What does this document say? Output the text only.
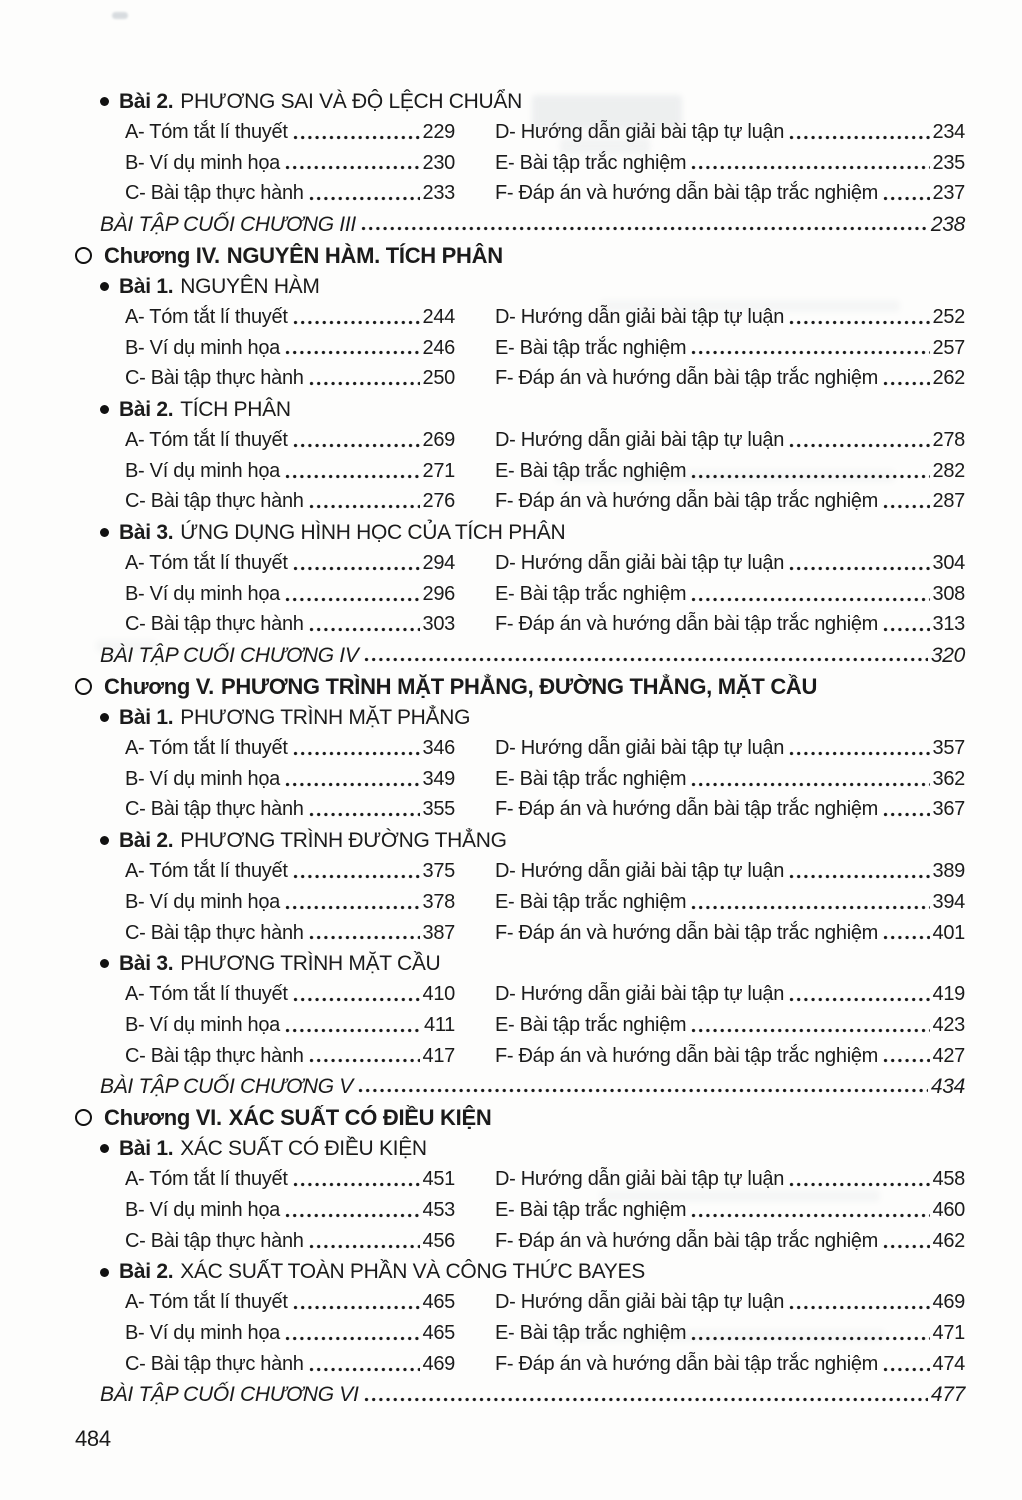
Bài 2. PHƯƠNG SAI VÀ ĐỘ LỆCH CHUẨN
A- Tóm tắt lí thuyết	229
B- Ví dụ minh họa	230
C- Bài tập thực hành	233
D- Hướng dẫn giải bài tập tự luận	234
E- Bài tập trắc nghiệm	235
F- Đáp án và hướng dẫn bài tập trắc nghiệm	237
BÀI TẬP CUỐI CHƯƠNG III	238
Chương IV. NGUYÊN HÀM. TÍCH PHÂN
Bài 1. NGUYÊN HÀM
A- Tóm tắt lí thuyết	244
B- Ví dụ minh họa	246
C- Bài tập thực hành	250
D- Hướng dẫn giải bài tập tự luận	252
E- Bài tập trắc nghiệm	257
F- Đáp án và hướng dẫn bài tập trắc nghiệm	262
Bài 2. TÍCH PHÂN
A- Tóm tắt lí thuyết	269
B- Ví dụ minh họa	271
C- Bài tập thực hành	276
D- Hướng dẫn giải bài tập tự luận	278
E- Bài tập trắc nghiệm	282
F- Đáp án và hướng dẫn bài tập trắc nghiệm	287
Bài 3. ỨNG DỤNG HÌNH HỌC CỦA TÍCH PHÂN
A- Tóm tắt lí thuyết	294
B- Ví dụ minh họa	296
C- Bài tập thực hành	303
D- Hướng dẫn giải bài tập tự luận	304
E- Bài tập trắc nghiệm	308
F- Đáp án và hướng dẫn bài tập trắc nghiệm	313
BÀI TẬP CUỐI CHƯƠNG IV	320
Chương V. PHƯƠNG TRÌNH MẶT PHẲNG, ĐƯỜNG THẲNG, MẶT CẦU
Bài 1. PHƯƠNG TRÌNH MẶT PHẲNG
A- Tóm tắt lí thuyết	346
B- Ví dụ minh họa	349
C- Bài tập thực hành	355
D- Hướng dẫn giải bài tập tự luận	357
E- Bài tập trắc nghiệm	362
F- Đáp án và hướng dẫn bài tập trắc nghiệm	367
Bài 2. PHƯƠNG TRÌNH ĐƯỜNG THẲNG
A- Tóm tắt lí thuyết	375
B- Ví dụ minh họa	378
C- Bài tập thực hành	387
D- Hướng dẫn giải bài tập tự luận	389
E- Bài tập trắc nghiệm	394
F- Đáp án và hướng dẫn bài tập trắc nghiệm	401
Bài 3. PHƯƠNG TRÌNH MẶT CẦU
A- Tóm tắt lí thuyết	410
B- Ví dụ minh họa	411
C- Bài tập thực hành	417
D- Hướng dẫn giải bài tập tự luận	419
E- Bài tập trắc nghiệm	423
F- Đáp án và hướng dẫn bài tập trắc nghiệm	427
BÀI TẬP CUỐI CHƯƠNG V	434
Chương VI. XÁC SUẤT CÓ ĐIỀU KIỆN
Bài 1. XÁC SUẤT CÓ ĐIỀU KIỆN
A- Tóm tắt lí thuyết	451
B- Ví dụ minh họa	453
C- Bài tập thực hành	456
D- Hướng dẫn giải bài tập tự luận	458
E- Bài tập trắc nghiệm	460
F- Đáp án và hướng dẫn bài tập trắc nghiệm	462
Bài 2. XÁC SUẤT TOÀN PHẦN VÀ CÔNG THỨC BAYES
A- Tóm tắt lí thuyết	465
B- Ví dụ minh họa	465
C- Bài tập thực hành	469
D- Hướng dẫn giải bài tập tự luận	469
E- Bài tập trắc nghiệm	471
F- Đáp án và hướng dẫn bài tập trắc nghiệm	474
BÀI TẬP CUỐI CHƯƠNG VI	477
484
